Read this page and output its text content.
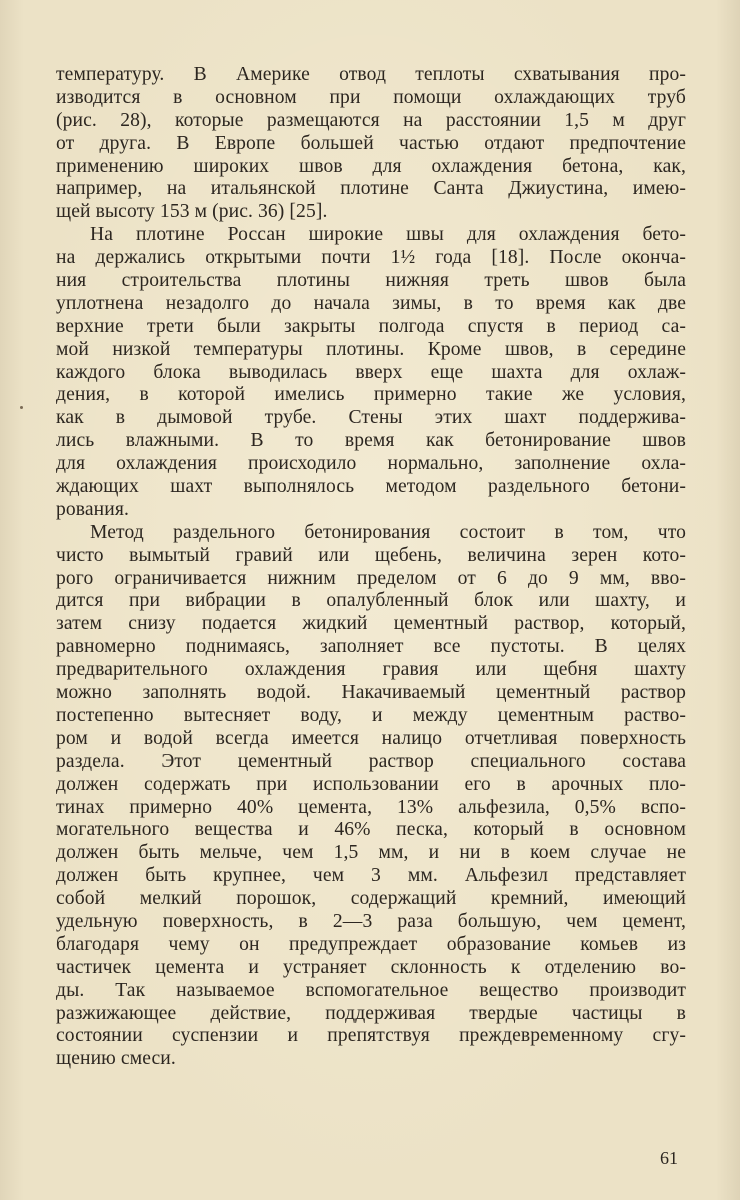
температуру. В Америке отвод теплоты схватывания про-
изводится в основном при помощи охлаждающих труб
(рис. 28), которые размещаются на расстоянии 1,5 м друг
от друга. В Европе большей частью отдают предпочтение
применению широких швов для охлаждения бетона, как,
например, на итальянской плотине Санта Джиустина, имею-
щей высоту 153 м (рис. 36) [25].
На плотине Россан широкие швы для охлаждения бето-
на держались открытыми почти 1½ года [18]. После оконча-
ния строительства плотины нижняя треть швов была
уплотнена незадолго до начала зимы, в то время как две
верхние трети были закрыты полгода спустя в период са-
мой низкой температуры плотины. Кроме швов, в середине
каждого блока выводилась вверх еще шахта для охлаж-
дения, в которой имелись примерно такие же условия,
как в дымовой трубе. Стены этих шахт поддержива-
лись влажными. В то время как бетонирование швов
для охлаждения происходило нормально, заполнение охла-
ждающих шахт выполнялось методом раздельного бетони-
рования.
Метод раздельного бетонирования состоит в том, что
чисто вымытый гравий или щебень, величина зерен кото-
рого ограничивается нижним пределом от 6 до 9 мм, вво-
дится при вибрации в опалубленный блок или шахту, и
затем снизу подается жидкий цементный раствор, который,
равномерно поднимаясь, заполняет все пустоты. В целях
предварительного охлаждения гравия или щебня шахту
можно заполнять водой. Накачиваемый цементный раствор
постепенно вытесняет воду, и между цементным раство-
ром и водой всегда имеется налицо отчетливая поверхность
раздела. Этот цементный раствор специального состава
должен содержать при использовании его в арочных пло-
тинах примерно 40% цемента, 13% альфезила, 0,5% вспо-
могательного вещества и 46% песка, который в основном
должен быть мельче, чем 1,5 мм, и ни в коем случае не
должен быть крупнее, чем 3 мм. Альфезил представляет
собой мелкий порошок, содержащий кремний, имеющий
удельную поверхность, в 2—3 раза большую, чем цемент,
благодаря чему он предупреждает образование комьев из
частичек цемента и устраняет склонность к отделению во-
ды. Так называемое вспомогательное вещество производит
разжижающее действие, поддерживая твердые частицы в
состоянии суспензии и препятствуя преждевременному сгу-
щению смеси.
61
